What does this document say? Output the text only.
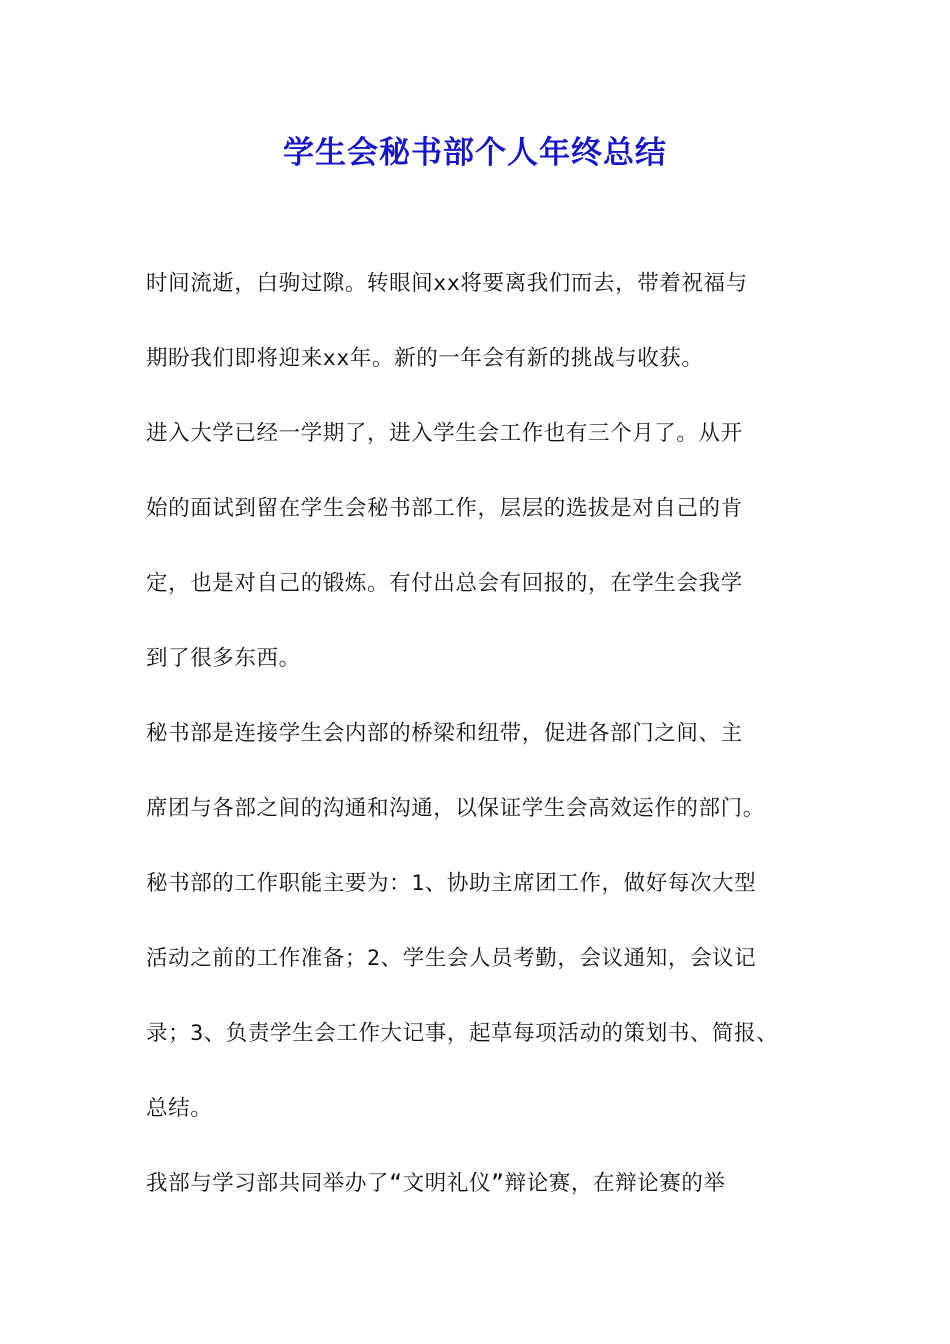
学生会秘书部个人年终总结

时间流逝，白驹过隙。转眼间xx将要离我们而去，带着祝福与

期盼我们即将迎来xx年。新的一年会有新的挑战与收获。

进入大学已经一学期了，进入学生会工作也有三个月了。从开

始的面试到留在学生会秘书部工作，层层的选拔是对自己的肯

定，也是对自己的锻炼。有付出总会有回报的，在学生会我学

到了很多东西。

秘书部是连接学生会内部的桥梁和纽带，促进各部门之间、主

席团与各部之间的沟通和沟通，以保证学生会高效运作的部门。

秘书部的工作职能主要为：1、协助主席团工作，做好每次大型

活动之前的工作准备；2、学生会人员考勤，会议通知，会议记

录；3、负责学生会工作大记事，起草每项活动的策划书、简报、

总结。

我部与学习部共同举办了“文明礼仪”辩论赛，在辩论赛的举
